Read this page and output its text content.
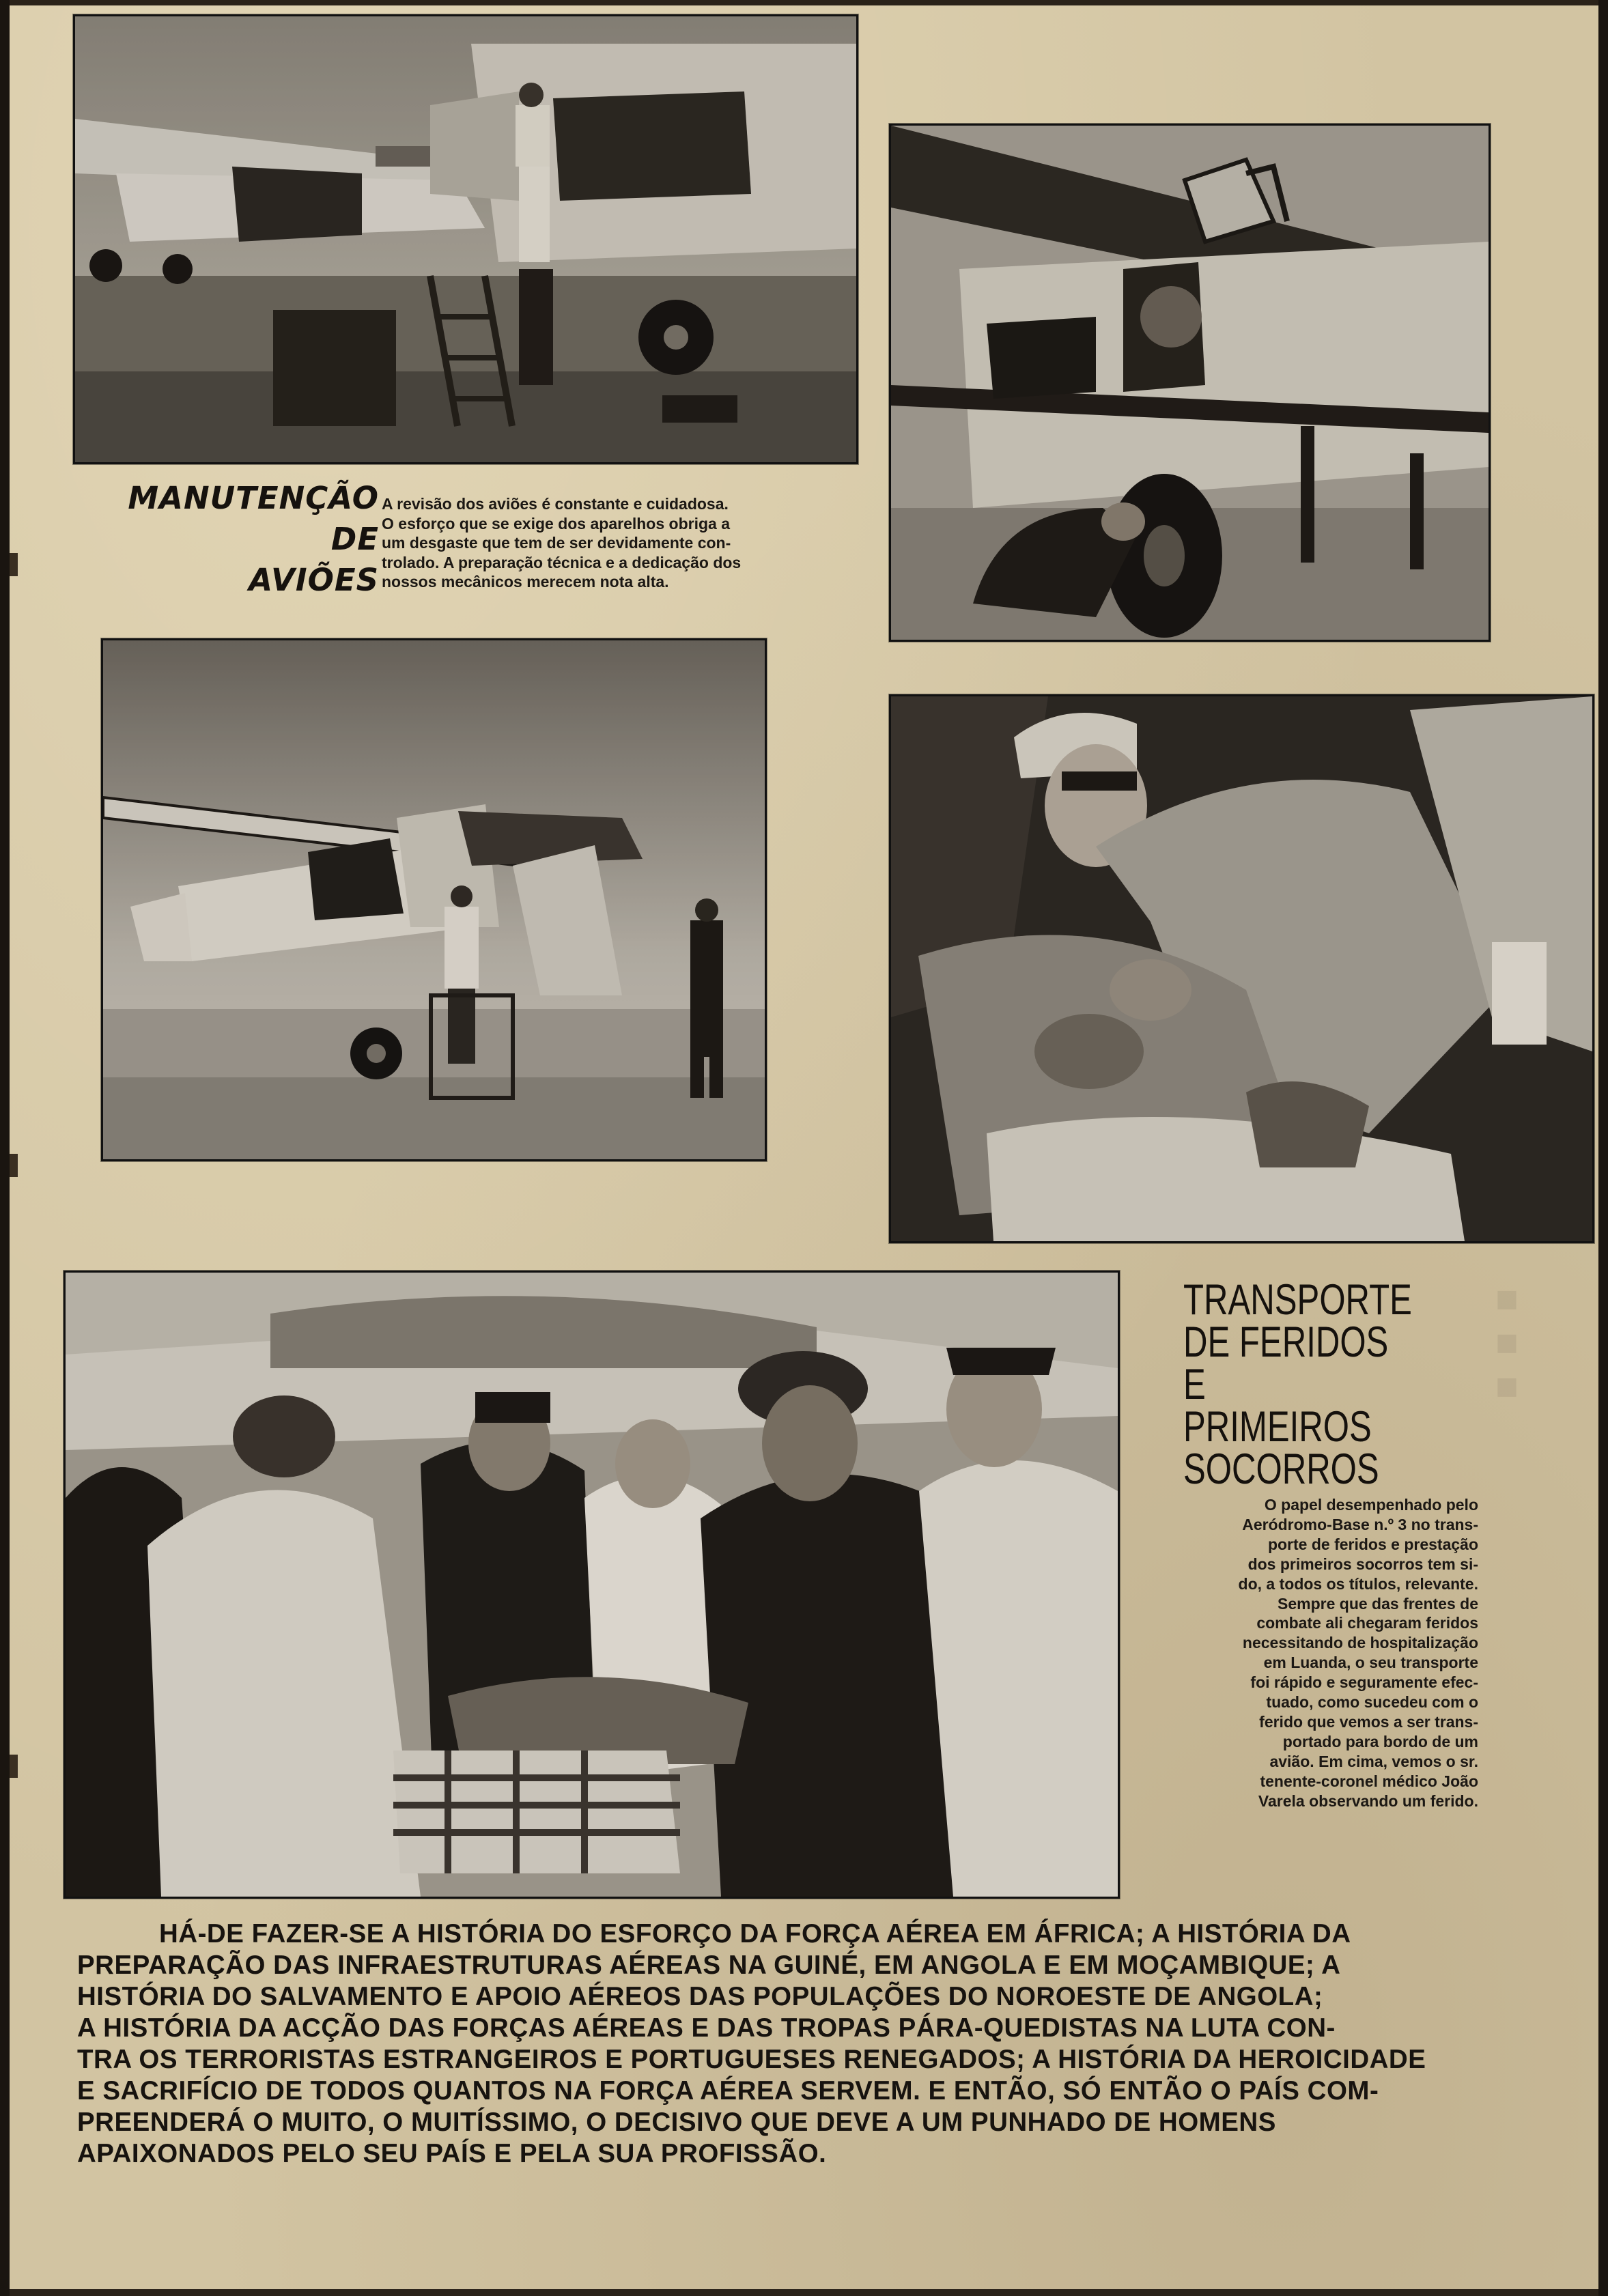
MANUTENÇÃO
DE
AVIÕES
A revisão dos aviões é constante e cuidadosa.
O esforço que se exige dos aparelhos obriga a
um desgaste que tem de ser devidamente con-
trolado. A preparação técnica e a dedicação dos
nossos mecânicos merecem nota alta.
■
■
■
TRANSPORTE
DE FERIDOS
E PRIMEIROS
SOCORROS
O papel desempenhado pelo
Aeródromo-Base n.º 3 no trans-
porte de feridos e prestação
dos primeiros socorros tem si-
do, a todos os títulos, relevante.
Sempre que das frentes de
combate ali chegaram feridos
necessitando de hospitalização
em Luanda, o seu transporte
foi rápido e seguramente efec-
tuado, como sucedeu com o
ferido que vemos a ser trans-
portado para bordo de um
avião. Em cima, vemos o sr.
tenente-coronel médico João
Varela observando um ferido.
HÁ-DE FAZER-SE A HISTÓRIA DO ESFORÇO DA FORÇA AÉREA EM ÁFRICA; A HISTÓRIA DA
PREPARAÇÃO DAS INFRAESTRUTURAS AÉREAS NA GUINÉ, EM ANGOLA E EM MOÇAMBIQUE; A
HISTÓRIA DO SALVAMENTO E APOIO AÉREOS DAS POPULAÇÕES DO NOROESTE DE ANGOLA;
A HISTÓRIA DA ACÇÃO DAS FORÇAS AÉREAS E DAS TROPAS PÁRA-QUEDISTAS NA LUTA CON-
TRA OS TERRORISTAS ESTRANGEIROS E PORTUGUESES RENEGADOS; A HISTÓRIA DA HEROICIDADE
E SACRIFÍCIO DE TODOS QUANTOS NA FORÇA AÉREA SERVEM. E ENTÃO, SÓ ENTÃO O PAÍS COM-
PREENDERÁ O MUITO, O MUITÍSSIMO, O DECISIVO QUE DEVE A UM PUNHADO DE HOMENS
APAIXONADOS PELO SEU PAÍS E PELA SUA PROFISSÃO.
